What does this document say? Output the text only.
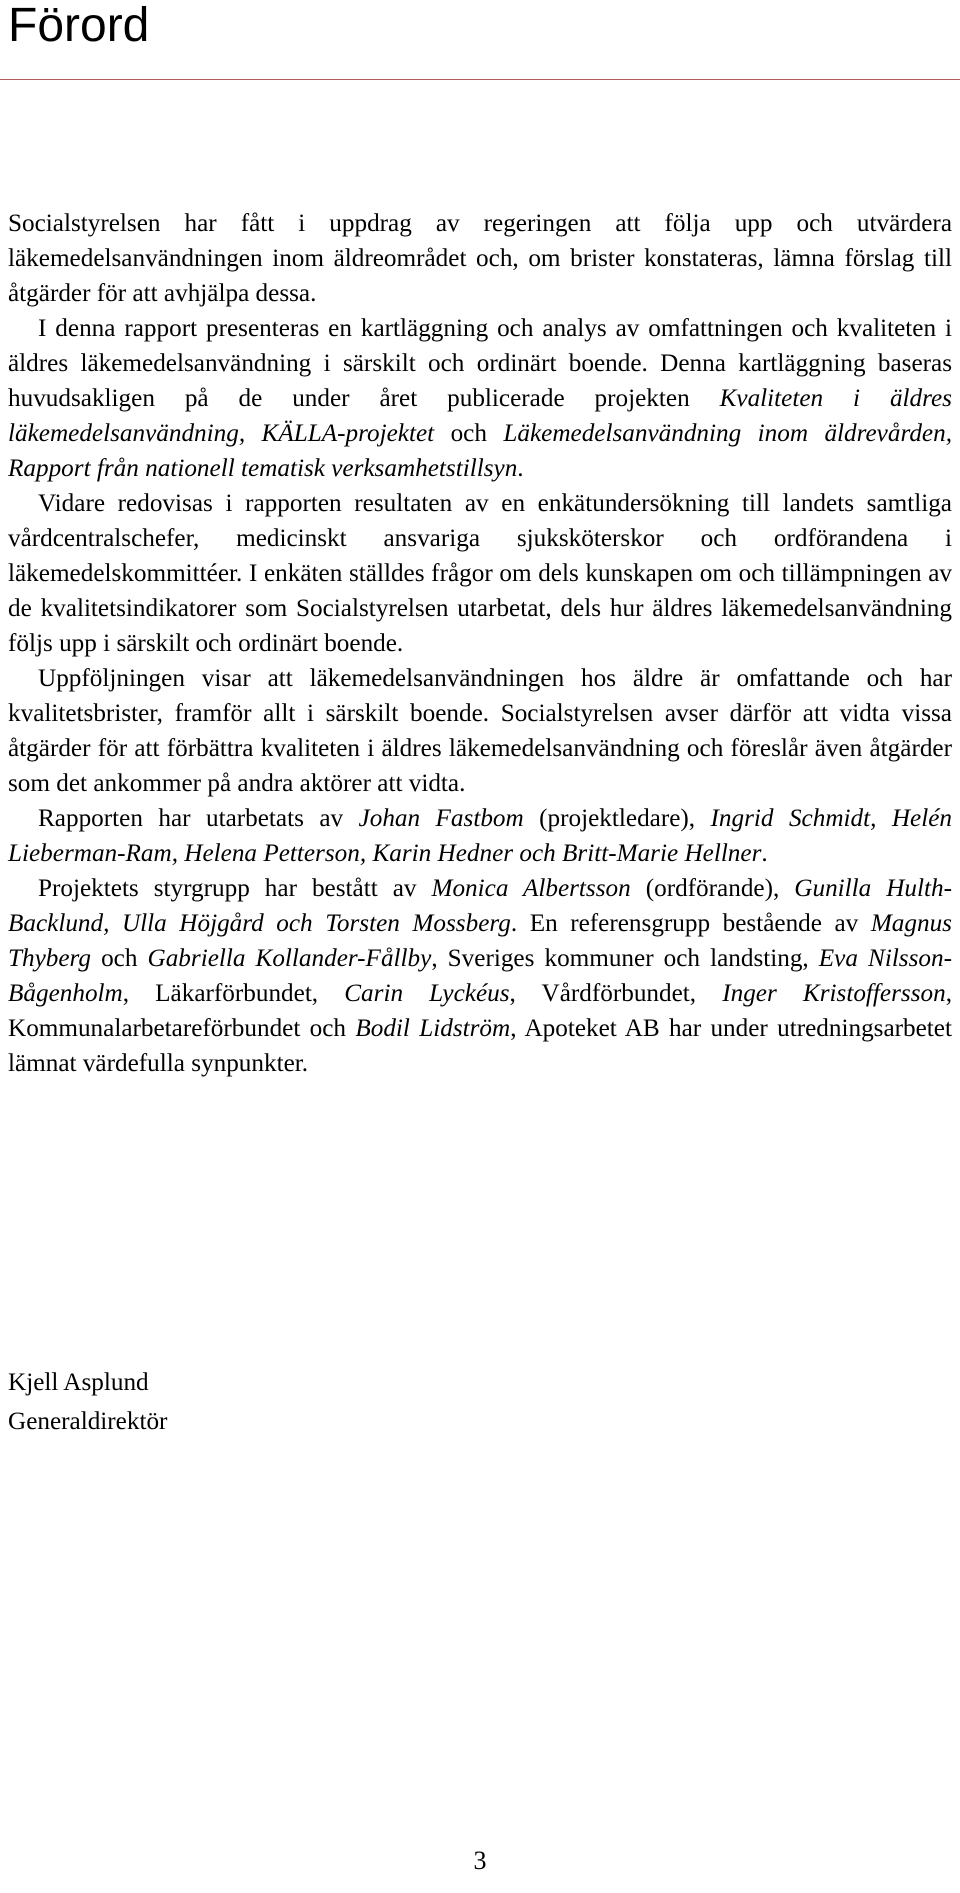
Förord

Socialstyrelsen har fått i uppdrag av regeringen att följa upp och utvärdera läkemedelsanvändningen inom äldreområdet och, om brister konstateras, lämna förslag till åtgärder för att avhjälpa dessa.

I denna rapport presenteras en kartläggning och analys av omfattningen och kvaliteten i äldres läkemedelsanvändning i särskilt och ordinärt boende. Denna kartläggning baseras huvudsakligen på de under året publicerade projekten Kvaliteten i äldres läkemedelsanvändning, KÄLLA-projektet och Läkemedelsanvändning inom äldrevården, Rapport från nationell tematisk verksamhetstillsyn.

Vidare redovisas i rapporten resultaten av en enkätundersökning till landets samtliga vårdcentralschefer, medicinskt ansvariga sjuksköterskor och ordförandena i läkemedelskommittéer. I enkäten ställdes frågor om dels kunskapen om och tillämpningen av de kvalitetsindikatorer som Socialstyrelsen utarbetat, dels hur äldres läkemedelsanvändning följs upp i särskilt och ordinärt boende.

Uppföljningen visar att läkemedelsanvändningen hos äldre är omfattande och har kvalitetsbrister, framför allt i särskilt boende. Socialstyrelsen avser därför att vidta vissa åtgärder för att förbättra kvaliteten i äldres läkemedelsanvändning och föreslår även åtgärder som det ankommer på andra aktörer att vidta.

Rapporten har utarbetats av Johan Fastbom (projektledare), Ingrid Schmidt, Helén Lieberman-Ram, Helena Petterson, Karin Hedner och Britt-Marie Hellner.

Projektets styrgrupp har bestått av Monica Albertsson (ordförande), Gunilla Hulth-Backlund, Ulla Höjgård och Torsten Mossberg. En referensgrupp bestående av Magnus Thyberg och Gabriella Kollander-Fållby, Sveriges kommuner och landsting, Eva Nilsson-Bågenholm, Läkarförbundet, Carin Lyckéus, Vårdförbundet, Inger Kristoffersson, Kommunalarbetareförbundet och Bodil Lidström, Apoteket AB har under utredningsarbetet lämnat värdefulla synpunkter.

Kjell Asplund
Generaldirektör
3
